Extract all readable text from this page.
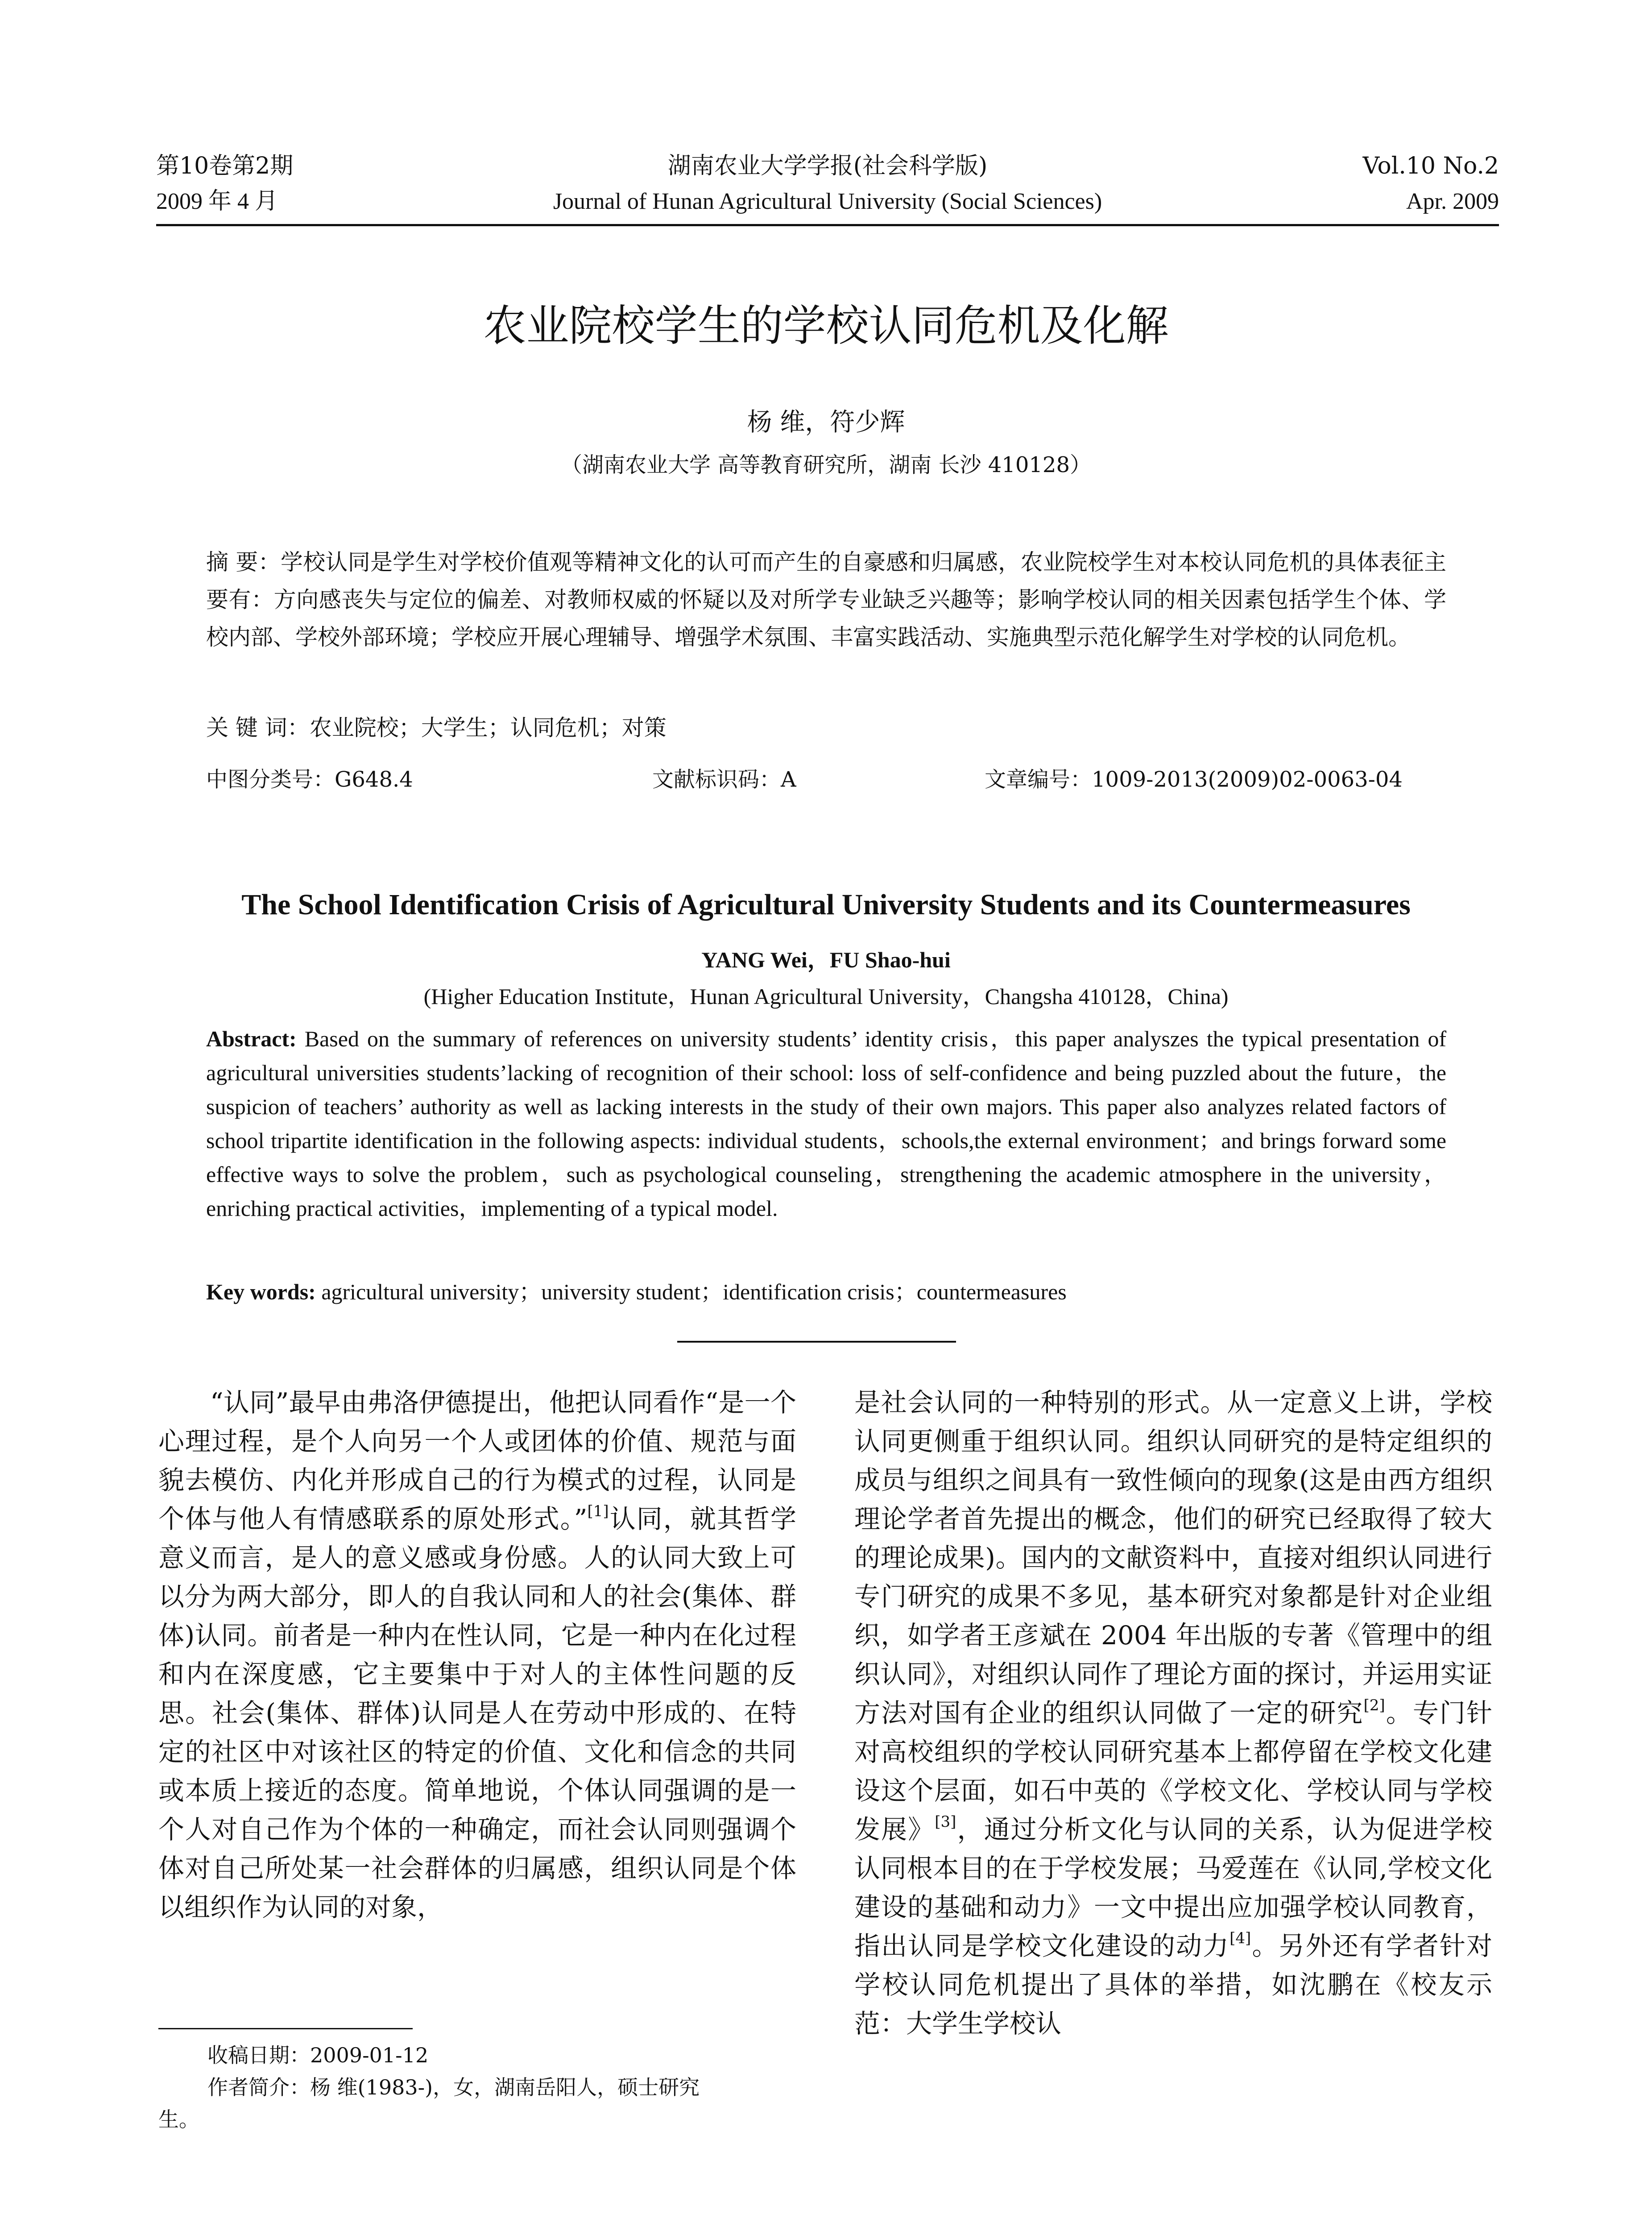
第10卷第2期	湖南农业大学学报(社会科学版)	Vol.10 No.2
2009 年 4 月	Journal of Hunan Agricultural University (Social Sciences)	Apr. 2009
农业院校学生的学校认同危机及化解
杨 维，符少辉
（湖南农业大学 高等教育研究所，湖南 长沙 410128）
摘 要：学校认同是学生对学校价值观等精神文化的认可而产生的自豪感和归属感，农业院校学生对本校认同危机的具体表征主要有：方向感丧失与定位的偏差、对教师权威的怀疑以及对所学专业缺乏兴趣等；影响学校认同的相关因素包括学生个体、学校内部、学校外部环境；学校应开展心理辅导、增强学术氛围、丰富实践活动、实施典型示范化解学生对学校的认同危机。
关 键 词：农业院校；大学生；认同危机；对策
中图分类号：G648.4	文献标识码：A	文章编号：1009-2013(2009)02-0063-04
The School Identification Crisis of Agricultural University Students and its Countermeasures
YANG Wei，FU Shao-hui
(Higher Education Institute，Hunan Agricultural University，Changsha 410128，China)
Abstract: Based on the summary of references on university students’ identity crisis，this paper analyszes the typical presentation of agricultural universities students’lacking of recognition of their school: loss of self-confidence and being puzzled about the future，the suspicion of teachers’ authority as well as lacking interests in the study of their own majors. This paper also analyzes related factors of school tripartite identification in the following aspects: individual students，schools,the external environment；and brings forward some effective ways to solve the problem，such as psychological counseling，strengthening the academic atmosphere in the university，enriching practical activities，implementing of a typical model.
Key words: agricultural university；university student；identification crisis；countermeasures

“认同”最早由弗洛伊德提出，他把认同看作“是一个心理过程，是个人向另一个人或团体的价值、规范与面貌去模仿、内化并形成自己的行为模式的过程，认同是个体与他人有情感联系的原处形式。”[1]认同，就其哲学意义而言，是人的意义感或身份感。人的认同大致上可以分为两大部分，即人的自我认同和人的社会(集体、群体)认同。前者是一种内在性认同，它是一种内在化过程和内在深度感，它主要集中于对人的主体性问题的反思。社会(集体、群体)认同是人在劳动中形成的、在特定的社区中对该社区的特定的价值、文化和信念的共同或本质上接近的态度。简单地说，个体认同强调的是一个人对自己作为个体的一种确定，而社会认同则强调个体对自己所处某一社会群体的归属感，组织认同是个体以组织作为认同的对象，

是社会认同的一种特别的形式。从一定意义上讲，学校认同更侧重于组织认同。组织认同研究的是特定组织的成员与组织之间具有一致性倾向的现象(这是由西方组织理论学者首先提出的概念，他们的研究已经取得了较大的理论成果)。国内的文献资料中，直接对组织认同进行专门研究的成果不多见，基本研究对象都是针对企业组织，如学者王彦斌在 2004 年出版的专著《管理中的组织认同》，对组织认同作了理论方面的探讨，并运用实证方法对国有企业的组织认同做了一定的研究[2]。专门针对高校组织的学校认同研究基本上都停留在学校文化建设这个层面，如石中英的《学校文化、学校认同与学校发展》[3]，通过分析文化与认同的关系，认为促进学校认同根本目的在于学校发展；马爱莲在《认同,学校文化建设的基础和动力》一文中提出应加强学校认同教育，指出认同是学校文化建设的动力[4]。另外还有学者针对学校认同危机提出了具体的举措，如沈鹏在《校友示范：大学生学校认

收稿日期：2009-01-12

作者简介：杨 维(1983-)，女，湖南岳阳人，硕士研究

生。
